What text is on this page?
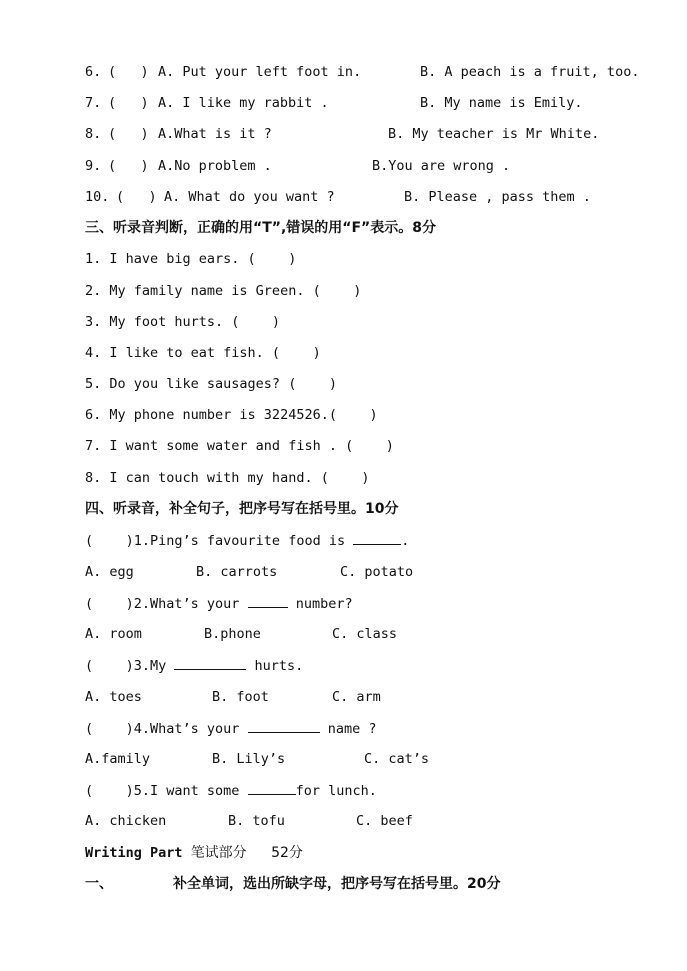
6.

(   )

A. Put your left foot in.

	B. A peach is a fruit, too.

7.

(   )

A. I like my rabbit .

	B. My name is Emily.

8.

(   )

A.What is it ?

	B. My teacher is Mr White.

9.

(   )

A.No problem .

	B.You are wrong .

10.

(   )

A. What do you want ?

	B. Please , pass them .

三、听录音判断，正确的用“T”,错误的用“F”表示。8分
1. I have big ears. (    )
2. My family name is Green. (    )
3. My foot hurts. (    )
4. I like to eat fish. (    )
5. Do you like sausages? (    )
6. My phone number is 3224526.(    )
7. I want some water and fish . (    )
8. I can touch with my hand. (    )
四、听录音，补全句子，把序号写在括号里。10分
(    )1.Ping’s favourite food is	.

A. egg

	B. carrots

	C. potato

(    )2.What’s your	number?

A. room

	B.phone

	C. class

(    )3.My	hurts.

A. toes

	B. foot

	C. arm

(    )4.What’s your	name ?

A.family

	B. Lily’s

	C. cat’s

(    )5.I want some	for lunch.

A. chicken

	B. tofu

	C. beef

Writing Part 笔试部分 52分

一、

	补全单词，选出所缺字母，把序号写在括号里。20分
